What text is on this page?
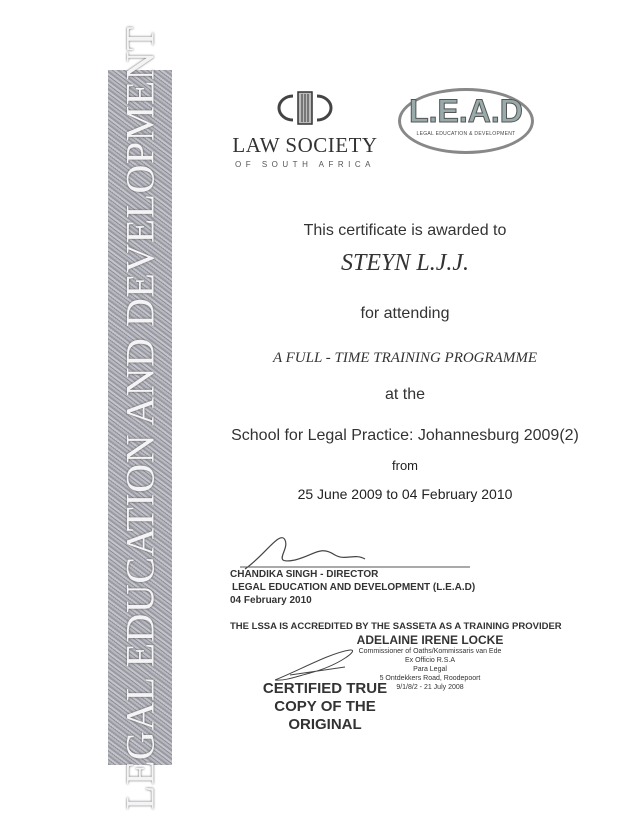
LEGAL EDUCATION AND DEVELOPMENT	LAW SOCIETY
OF SOUTH AFRICA
L.E.A.D
LEGAL EDUCATION & DEVELOPMENT
This certificate is awarded to
STEYN L.J.J.
for attending
A FULL - TIME TRAINING PROGRAMME
at the
School for Legal Practice: Johannesburg 2009(2)
from
25 June 2009 to 04 February 2010
CHANDIKA SINGH - DIRECTOR
LEGAL EDUCATION AND DEVELOPMENT (L.E.A.D)
04 February 2010
THE LSSA IS ACCREDITED BY THE SASSETA AS A TRAINING PROVIDER
ADELAINE IRENE LOCKE
Commissioner of Oaths/Kommissaris van Ede
Ex Officio R.S.A
Para Legal
5 Ontdekkers Road, Roodepoort
9/1/8/2 - 21 July 2008
CERTIFIED TRUE
COPY OF THE
ORIGINAL
